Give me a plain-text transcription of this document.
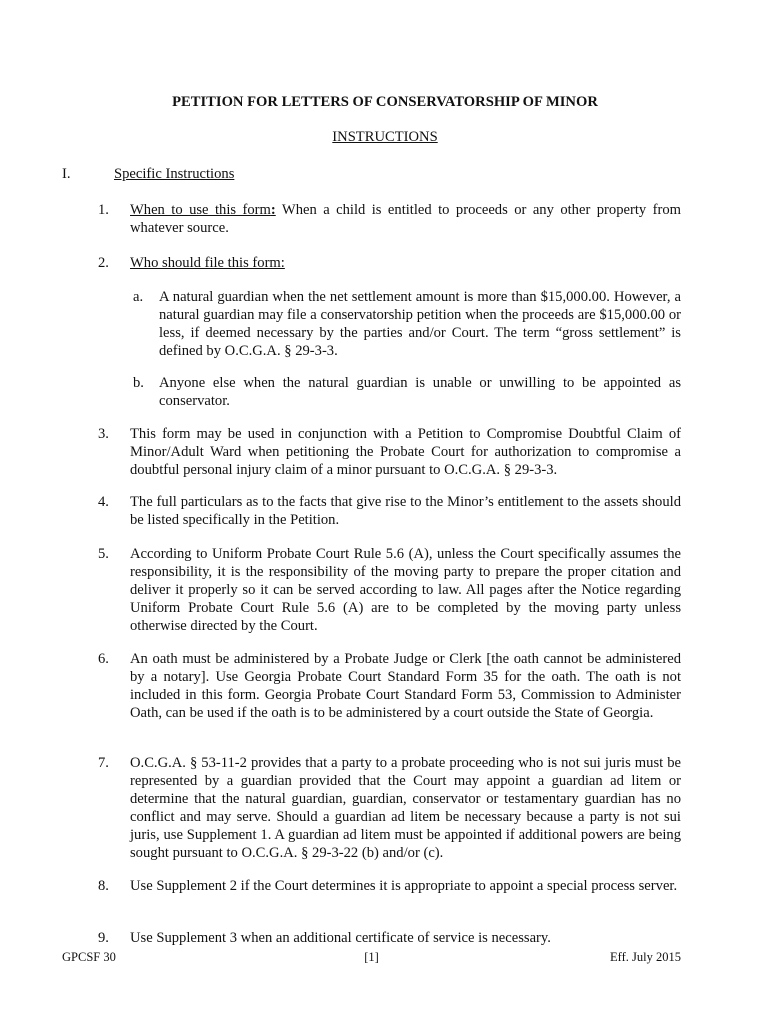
PETITION FOR LETTERS OF CONSERVATORSHIP OF MINOR
INSTRUCTIONS
I.	Specific Instructions
1.	When to use this form: When a child is entitled to proceeds or any other property from whatever source.
2.	Who should file this form:
a.	A natural guardian when the net settlement amount is more than $15,000.00. However, a natural guardian may file a conservatorship petition when the proceeds are $15,000.00 or less, if deemed necessary by the parties and/or Court. The term “gross settlement” is defined by O.C.G.A. § 29-3-3.
b.	Anyone else when the natural guardian is unable or unwilling to be appointed as conservator.
3.	This form may be used in conjunction with a Petition to Compromise Doubtful Claim of Minor/Adult Ward when petitioning the Probate Court for authorization to compromise a doubtful personal injury claim of a minor pursuant to O.C.G.A. § 29-3-3.
4.	The full particulars as to the facts that give rise to the Minor’s entitlement to the assets should be listed specifically in the Petition.
5.	According to Uniform Probate Court Rule 5.6 (A), unless the Court specifically assumes the responsibility, it is the responsibility of the moving party to prepare the proper citation and deliver it properly so it can be served according to law. All pages after the Notice regarding Uniform Probate Court Rule 5.6 (A) are to be completed by the moving party unless otherwise directed by the Court.
6.	An oath must be administered by a Probate Judge or Clerk [the oath cannot be administered by a notary]. Use Georgia Probate Court Standard Form 35 for the oath. The oath is not included in this form. Georgia Probate Court Standard Form 53, Commission to Administer Oath, can be used if the oath is to be administered by a court outside the State of Georgia.
7.	O.C.G.A. § 53-11-2 provides that a party to a probate proceeding who is not sui juris must be represented by a guardian provided that the Court may appoint a guardian ad litem or determine that the natural guardian, guardian, conservator or testamentary guardian has no conflict and may serve. Should a guardian ad litem be necessary because a party is not sui juris, use Supplement 1. A guardian ad litem must be appointed if additional powers are being sought pursuant to O.C.G.A. § 29-3-22 (b) and/or (c).
8.	Use Supplement 2 if the Court determines it is appropriate to appoint a special process server.
9.	Use Supplement 3 when an additional certificate of service is necessary.
GPCSF 30	[1]	Eff. July 2015
